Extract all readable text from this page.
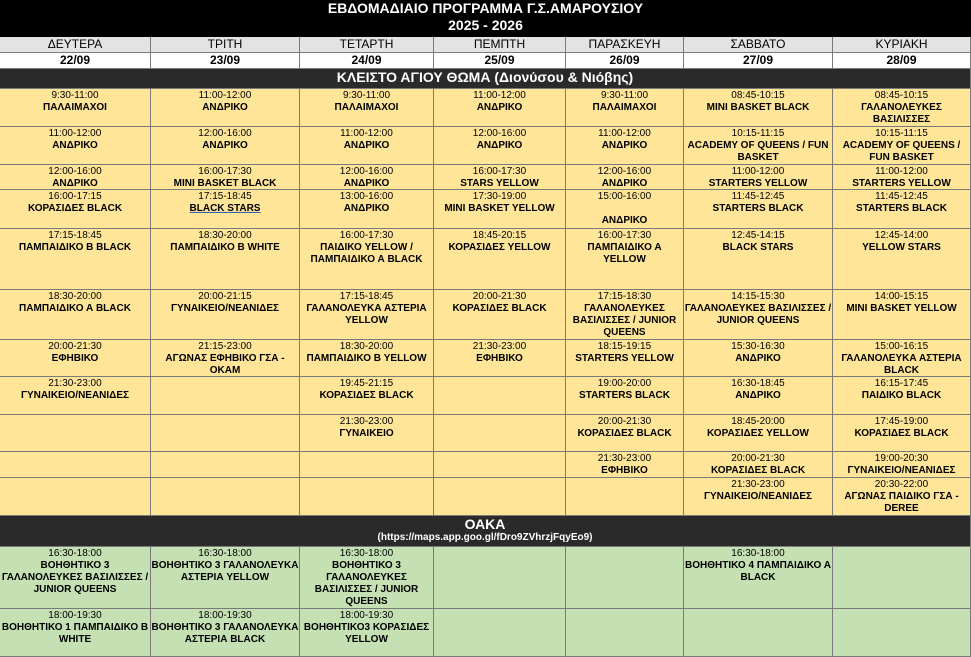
ΕΒΔΟΜΑΔΙΑΙΟ ΠΡΟΓΡΑΜΜΑ Γ.Σ.ΑΜΑΡΟΥΣΙΟΥ
2025 - 2026
ΔΕΥΤΕΡΑ
22/09
ΤΡΙΤΗ
23/09
ΤΕΤΑΡΤΗ
24/09
ΠΕΜΠΤΗ
25/09
ΠΑΡΑΣΚΕΥΗ
26/09
ΣΑΒΒΑΤΟ
27/09
ΚΥΡΙΑΚΗ
28/09
ΚΛΕΙΣΤΟ ΑΓΙΟΥ ΘΩΜΑ (Διονύσου & Νιόβης)
9:30-11:00
ΠΑΛΑΙΜΑΧΟΙ
11:00-12:00
ΑΝΔΡΙΚΟ
9:30-11:00
ΠΑΛΑΙΜΑΧΟΙ
11:00-12:00
ΑΝΔΡΙΚΟ
9:30-11:00
ΠΑΛΑΙΜΑΧΟΙ
08:45-10:15
MINI BASKET BLACK
08:45-10:15
ΓΑΛΑΝΟΛΕΥΚΕΣ ΒΑΣΙΛΙΣΣΕΣ
11:00-12:00
ΑΝΔΡΙΚΟ
12:00-16:00
ΑΝΔΡΙΚΟ
11:00-12:00
ΑΝΔΡΙΚΟ
12:00-16:00
ΑΝΔΡΙΚΟ
11:00-12:00
ΑΝΔΡΙΚΟ
10:15-11:15
ACADEMY OF QUEENS / FUN BASKET
10:15-11:15
ACADEMY OF QUEENS / FUN BASKET
12:00-16:00
ΑΝΔΡΙΚΟ
16:00-17:30
MINI BASKET BLACK
12:00-16:00
ΑΝΔΡΙΚΟ
16:00-17:30
STARS YELLOW
12:00-16:00
ΑΝΔΡΙΚΟ
11:00-12:00
STARTERS YELLOW
11:00-12:00
STARTERS YELLOW
16:00-17:15
ΚΟΡΑΣΙΔΕΣ BLACK
17:15-18:45
BLACK STARS
13:00-16:00
ΑΝΔΡΙΚΟ
17:30-19:00
MINI BASKET YELLOW
15:00-16:00
ΑΝΔΡΙΚΟ
11:45-12:45
STARTERS BLACK
11:45-12:45
STARTERS BLACK
17:15-18:45
ΠΑΜΠΑΙΔΙΚΟ Β BLACK
18:30-20:00
ΠΑΜΠΑΙΔΙΚΟ Β WHITE
16:00-17:30
ΠΑΙΔΙΚΟ YELLOW / ΠΑΜΠΑΙΔΙΚΟ Α BLACK
18:45-20:15
ΚΟΡΑΣΙΔΕΣ YELLOW
16:00-17:30
ΠΑΜΠΑΙΔΙΚΟ Α YELLOW
12:45-14:15
BLACK STARS
12:45-14:00
YELLOW STARS
18:30-20:00
ΠΑΜΠΑΙΔΙΚΟ Α BLACK
20:00-21:15
ΓΥΝΑΙΚΕΙΟ/ΝΕΑΝΙΔΕΣ
17:15-18:45
ΓΑΛΑΝΟΛΕΥΚΑ ΑΣΤΕΡΙΑ YELLOW
20:00-21:30
ΚΟΡΑΣΙΔΕΣ BLACK
17:15-18:30
ΓΑΛΑΝΟΛΕΥΚΕΣ ΒΑΣΙΛΙΣΣΕΣ / JUNIOR QUEENS
14:15-15:30
ΓΑΛΑΝΟΛΕΥΚΕΣ ΒΑΣΙΛΙΣΣΕΣ / JUNIOR QUEENS
14:00-15:15
MINI BASKET YELLOW
20:00-21:30
ΕΦΗΒΙΚΟ
21:15-23:00
ΑΓΩΝΑΣ ΕΦΗΒΙΚΟ ΓΣΑ - ΟΚΑΜ
18:30-20:00
ΠΑΜΠΑΙΔΙΚΟ Β YELLOW
21:30-23:00
ΕΦΗΒΙΚΟ
18:15-19:15
STARTERS YELLOW
15:30-16:30
ΑΝΔΡΙΚΟ
15:00-16:15
ΓΑΛΑΝΟΛΕΥΚΑ ΑΣΤΕΡΙΑ BLACK
21:30-23:00
ΓΥΝΑΙΚΕΙΟ/ΝΕΑΝΙΔΕΣ
19:45-21:15
ΚΟΡΑΣΙΔΕΣ BLACK
19:00-20:00
STARTERS BLACK
16:30-18:45
ΑΝΔΡΙΚΟ
16:15-17:45
ΠΑΙΔΙΚΟ BLACK
21:30-23:00
ΓΥΝΑΙΚΕΙΟ
20:00-21:30
ΚΟΡΑΣΙΔΕΣ BLACK
18:45-20:00
ΚΟΡΑΣΙΔΕΣ YELLOW
17:45-19:00
ΚΟΡΑΣΙΔΕΣ BLACK
21:30-23:00
ΕΦΗΒΙΚΟ
20:00-21:30
ΚΟΡΑΣΙΔΕΣ BLACK
19:00-20:30
ΓΥΝΑΙΚΕΙΟ/ΝΕΑΝΙΔΕΣ
21:30-23:00
ΓΥΝΑΙΚΕΙΟ/ΝΕΑΝΙΔΕΣ
20:30-22:00
ΑΓΩΝΑΣ ΠΑΙΔΙΚΟ ΓΣΑ - DEREE
ΟΑΚΑ
(https://maps.app.goo.gl/fDro9ZVhrzjFqyEo9)
16:30-18:00
ΒΟΗΘΗΤΙΚΟ 3 ΓΑΛΑΝΟΛΕΥΚΕΣ ΒΑΣΙΛΙΣΣΕΣ / JUNIOR QUEENS
16:30-18:00
ΒΟΗΘΗΤΙΚΟ 3 ΓΑΛΑΝΟΛΕΥΚΑ ΑΣΤΕΡΙΑ YELLOW
16:30-18:00
ΒΟΗΘΗΤΙΚΟ 3 ΓΑΛΑΝΟΛΕΥΚΕΣ ΒΑΣΙΛΙΣΣΕΣ / JUNIOR QUEENS
16:30-18:00
ΒΟΗΘΗΤΙΚΟ 4 ΠΑΜΠΑΙΔΙΚΟ Α BLACK
18:00-19:30
ΒΟΗΘΗΤΙΚΟ 1 ΠΑΜΠΑΙΔΙΚΟ Β WHITE
18:00-19:30
ΒΟΗΘΗΤΙΚΟ 3 ΓΑΛΑΝΟΛΕΥΚΑ ΑΣΤΕΡΙΑ BLACK
18:00-19:30
ΒΟΗΘΗΤΙΚΟ3 ΚΟΡΑΣΙΔΕΣ YELLOW
